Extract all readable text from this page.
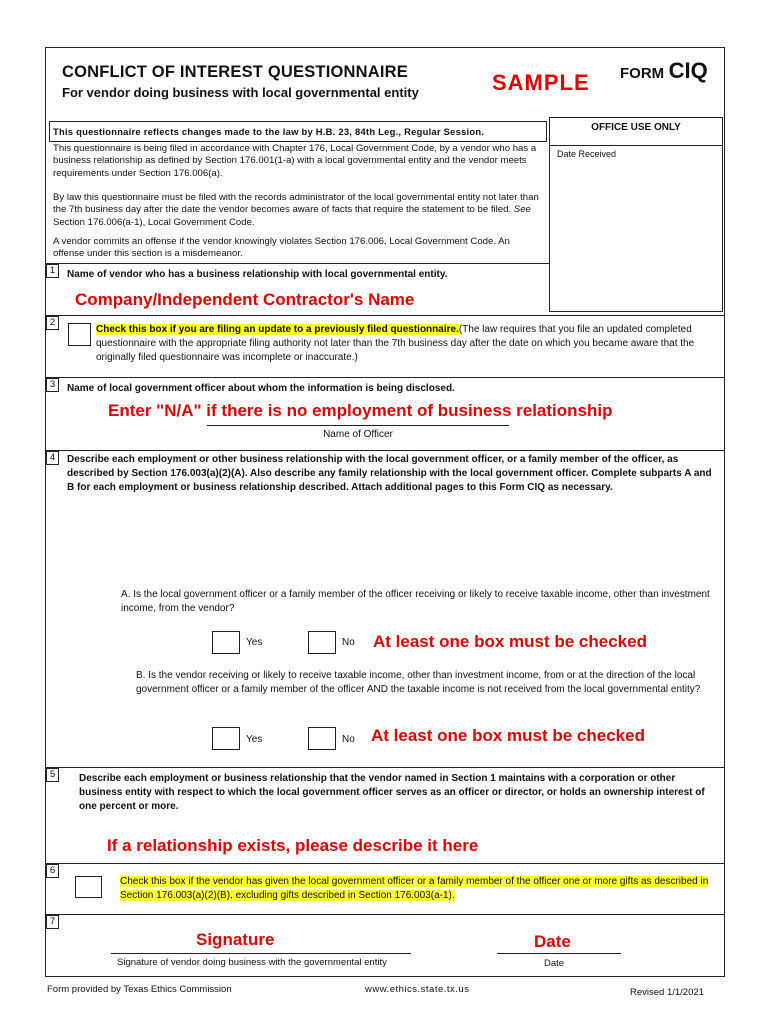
CONFLICT OF INTEREST QUESTIONNAIRE
For vendor doing business with local governmental entity	SAMPLE FORM CIQ
OFFICE USE ONLY
Date Received
This questionnaire reflects changes made to the law by H.B. 23, 84th Leg., Regular Session.
This questionnaire is being filed in accordance with Chapter 176, Local Government Code, by a vendor who has a business relationship as defined by Section 176.001(1-a) with a local governmental entity and the vendor meets requirements under Section 176.006(a).
By law this questionnaire must be filed with the records administrator of the local governmental entity not later than the 7th business day after the date the vendor becomes aware of facts that require the statement to be filed. See Section 176.006(a-1), Local Government Code.
A vendor commits an offense if the vendor knowingly violates Section 176.006, Local Government Code. An offense under this section is a misdemeanor.
1	Name of vendor who has a business relationship with local governmental entity.
Company/Independent Contractor's Name
2
Check this box if you are filing an update to a previously filed questionnaire.(The law requires that you file an updated completed questionnaire with the appropriate filing authority not later than the 7th business day after the date on which you became aware that the originally filed questionnaire was incomplete or inaccurate.)
3	Name of local government officer about whom the information is being disclosed.
Enter "N/A" if there is no employment of business relationship
Name of Officer
4	Describe each employment or other business relationship with the local government officer, or a family member of the officer, as described by Section 176.003(a)(2)(A). Also describe any family relationship with the local government officer. Complete subparts A and B for each employment or business relationship described. Attach additional pages to this Form CIQ as necessary.
A. Is the local government officer or a family member of the officer receiving or likely to receive taxable income, other than investment income, from the vendor?
Yes	No At least one box must be checked
B. Is the vendor receiving or likely to receive taxable income, other than investment income, from or at the direction of the local government officer or a family member of the officer AND the taxable income is not received from the local governmental entity?
Yes	No At least one box must be checked
5	Describe each employment or business relationship that the vendor named in Section 1 maintains with a corporation or other business entity with respect to which the local government officer serves as an officer or director, or holds an ownership interest of one percent or more.
If a relationship exists, please describe it here
6
Check this box if the vendor has given the local government officer or a family member of the officer one or more gifts as described in Section 176.003(a)(2)(B), excluding gifts described in Section 176.003(a-1).
7
Signature
Signature of vendor doing business with the governmental entity
Date
Date
Form provided by Texas Ethics Commission	www.ethics.state.tx.us	Revised 1/1/2021
